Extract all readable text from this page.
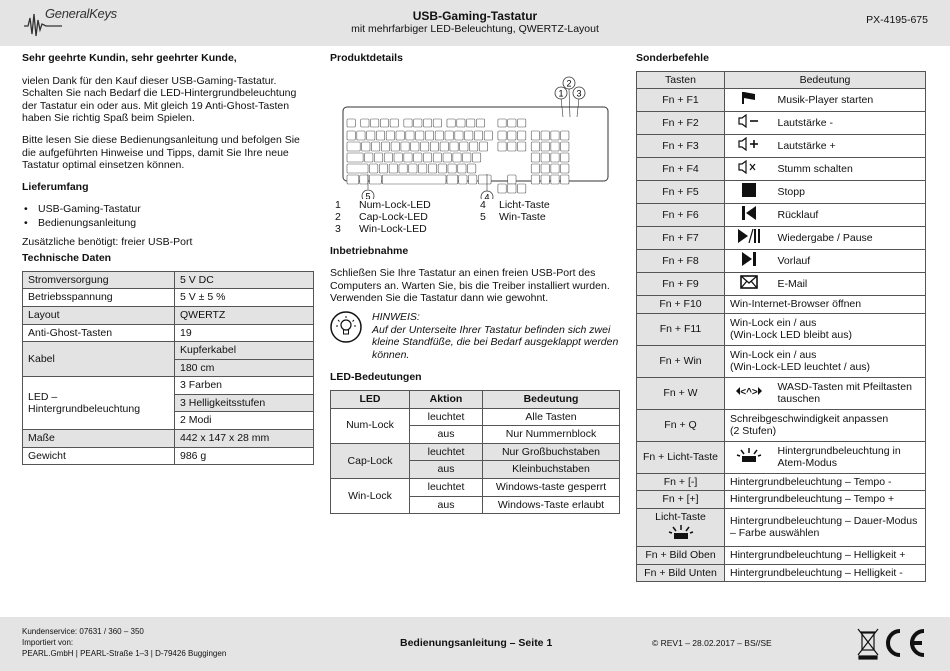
GeneralKeys	USB-Gaming-Tastatur
mit mehrfarbiger LED-Beleuchtung, QWERTZ-Layout
PX-4195-675
Sehr geehrte Kundin, sehr geehrter Kunde,

vielen Dank für den Kauf dieser USB-Gaming-Tastatur. Schalten Sie nach Bedarf die LED-Hintergrundbeleuchtung der Tastatur ein oder aus. Mit gleich 19 Anti-Ghost-Tasten haben Sie richtig Spaß beim Spielen.

Bitte lesen Sie diese Bedienungsanleitung und befolgen Sie die aufgeführten Hinweise und Tipps, damit Sie Ihre neue Tastatur optimal einsetzen können.

Lieferumfang
• USB-Gaming-Tastatur
• Bedienungsanleitung

Zusätzliche benötigt: freier USB-Port

Technische Daten
Stromversorgung	5 V DC
Betriebsspannung	5 V ± 5 %
Layout	QWERTZ
Anti-Ghost-Tasten	19
Kabel	Kupferkabel
	180 cm
LED – Hintergrundbeleuchtung	3 Farben
	3 Helligkeitsstufen
	2 Modi
Maße	442 x 147 x 28 mm
Gewicht	986 g
Produktdetails
1
2
3
4
5
1 Num-Lock-LED
2 Cap-Lock-LED
3 Win-Lock-LED
4 Licht-Taste
5 Win-Taste
Inbetriebnahme

Schließen Sie Ihre Tastatur an einen freien USB-Port des Computers an. Warten Sie, bis die Treiber installiert wurden. Verwenden Sie die Tastatur dann wie gewohnt.

HINWEIS:
Auf der Unterseite Ihrer Tastatur befinden sich zwei kleine Standfüße, die bei Bedarf ausgeklappt werden können.
LED-Bedeutungen
LED	Aktion	Bedeutung
Num-Lock	leuchtet	Alle Tasten
	aus	Nur Nummernblock
Cap-Lock	leuchtet	Nur Großbuchstaben
	aus	Kleinbuchstaben
Win-Lock	leuchtet	Windows-taste gesperrt
	aus	Windows-Taste erlaubt
Sonderbefehle
Tasten	Bedeutung	
Fn + F1		Musik-Player starten
Fn + F2		Lautstärke -
Fn + F3		Lautstärke +
Fn + F4		Stumm schalten
Fn + F5		Stopp
Fn + F6		Rücklauf
Fn + F7		Wiedergabe / Pause
Fn + F8		Vorlauf
Fn + F9		E-Mail
Fn + F10	Win-Internet-Browser öffnen	
Fn + F11	Win-Lock ein / aus
(Win-Lock LED bleibt aus)	

Fn + Win	Win-Lock ein / aus
(Win-Lock-LED leuchtet / aus)	

Fn + W	<^>	WASD-Tasten mit Pfeiltasten
tauschen

Fn + Q	Schreibgeschwindigkeit anpassen
(2 Stufen)	

Fn + Licht-Taste		Hintergrundbeleuchtung in
Atem-Modus

Fn + [-]	Hintergrundbeleuchtung – Tempo -	
Fn + [+]	Hintergrundbeleuchtung – Tempo +	

Licht-Taste	Hintergrundbeleuchtung – Dauer-Modus
– Farbe auswählen	

Fn + Bild Oben	Hintergrundbeleuchtung – Helligkeit +	
Fn + Bild Unten	Hintergrundbeleuchtung – Helligkeit -	
Kundenservice: 07631 / 360 – 350
Importiert von:
PEARL.GmbH | PEARL-Straße 1–3 | D-79426 Buggingen
Bedienungsanleitung – Seite 1	© REV1 – 28.02.2017 – BS//SE
